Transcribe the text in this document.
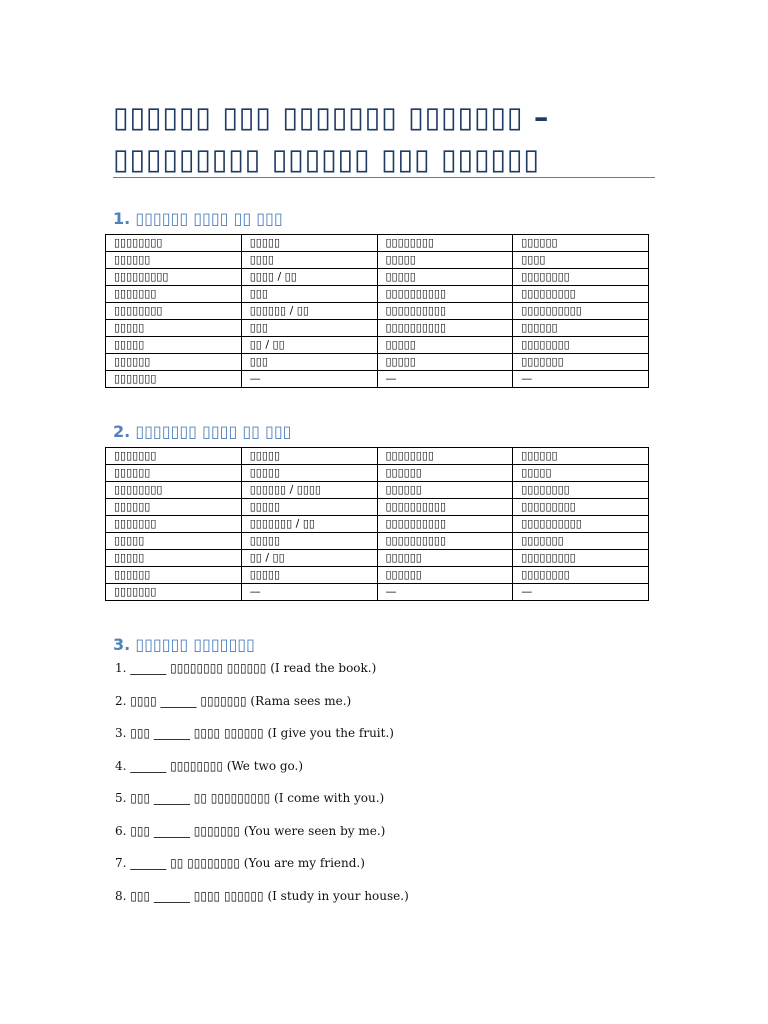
▯▯▯▯▯▯ ▯▯▯ ▯▯▯▯▯▯▯ ▯▯▯▯▯▯▯ –
▯▯▯▯▯▯▯▯▯ ▯▯▯▯▯▯ ▯▯▯ ▯▯▯▯▯▯
1. ▯▯▯▯▯▯ ▯▯▯▯ ▯▯ ▯▯▯
▯▯▯▯▯▯▯▯	▯▯▯▯▯	▯▯▯▯▯▯▯▯	▯▯▯▯▯▯
▯▯▯▯▯▯	▯▯▯▯	▯▯▯▯▯	▯▯▯▯
▯▯▯▯▯▯▯▯▯	▯▯▯▯ / ▯▯	▯▯▯▯▯	▯▯▯▯▯▯▯▯
▯▯▯▯▯▯▯	▯▯▯	▯▯▯▯▯▯▯▯▯▯	▯▯▯▯▯▯▯▯▯
▯▯▯▯▯▯▯▯	▯▯▯▯▯▯ / ▯▯	▯▯▯▯▯▯▯▯▯▯	▯▯▯▯▯▯▯▯▯▯
▯▯▯▯▯	▯▯▯	▯▯▯▯▯▯▯▯▯▯	▯▯▯▯▯▯
▯▯▯▯▯	▯▯ / ▯▯	▯▯▯▯▯	▯▯▯▯▯▯▯▯
▯▯▯▯▯▯	▯▯▯	▯▯▯▯▯	▯▯▯▯▯▯▯
▯▯▯▯▯▯▯	—	—	—
2. ▯▯▯▯▯▯▯ ▯▯▯▯ ▯▯ ▯▯▯
▯▯▯▯▯▯▯	▯▯▯▯▯	▯▯▯▯▯▯▯▯	▯▯▯▯▯▯
▯▯▯▯▯▯	▯▯▯▯▯	▯▯▯▯▯▯	▯▯▯▯▯
▯▯▯▯▯▯▯▯	▯▯▯▯▯▯ / ▯▯▯▯	▯▯▯▯▯▯	▯▯▯▯▯▯▯▯
▯▯▯▯▯▯	▯▯▯▯▯	▯▯▯▯▯▯▯▯▯▯	▯▯▯▯▯▯▯▯▯
▯▯▯▯▯▯▯	▯▯▯▯▯▯▯ / ▯▯	▯▯▯▯▯▯▯▯▯▯	▯▯▯▯▯▯▯▯▯▯
▯▯▯▯▯	▯▯▯▯▯	▯▯▯▯▯▯▯▯▯▯	▯▯▯▯▯▯▯
▯▯▯▯▯	▯▯ / ▯▯	▯▯▯▯▯▯	▯▯▯▯▯▯▯▯▯
▯▯▯▯▯▯	▯▯▯▯▯	▯▯▯▯▯▯	▯▯▯▯▯▯▯▯
▯▯▯▯▯▯▯	—	—	—
3. ▯▯▯▯▯▯ ▯▯▯▯▯▯▯
1. ______ ▯▯▯▯▯▯▯▯ ▯▯▯▯▯▯ (I read the book.)
2. ▯▯▯▯ ______ ▯▯▯▯▯▯▯ (Rama sees me.)
3. ▯▯▯ ______ ▯▯▯▯ ▯▯▯▯▯▯ (I give you the fruit.)
4. ______ ▯▯▯▯▯▯▯▯ (We two go.)
5. ▯▯▯ ______ ▯▯ ▯▯▯▯▯▯▯▯▯ (I come with you.)
6. ▯▯▯ ______ ▯▯▯▯▯▯▯ (You were seen by me.)
7. ______ ▯▯ ▯▯▯▯▯▯▯▯ (You are my friend.)
8. ▯▯▯ ______ ▯▯▯▯ ▯▯▯▯▯▯ (I study in your house.)
